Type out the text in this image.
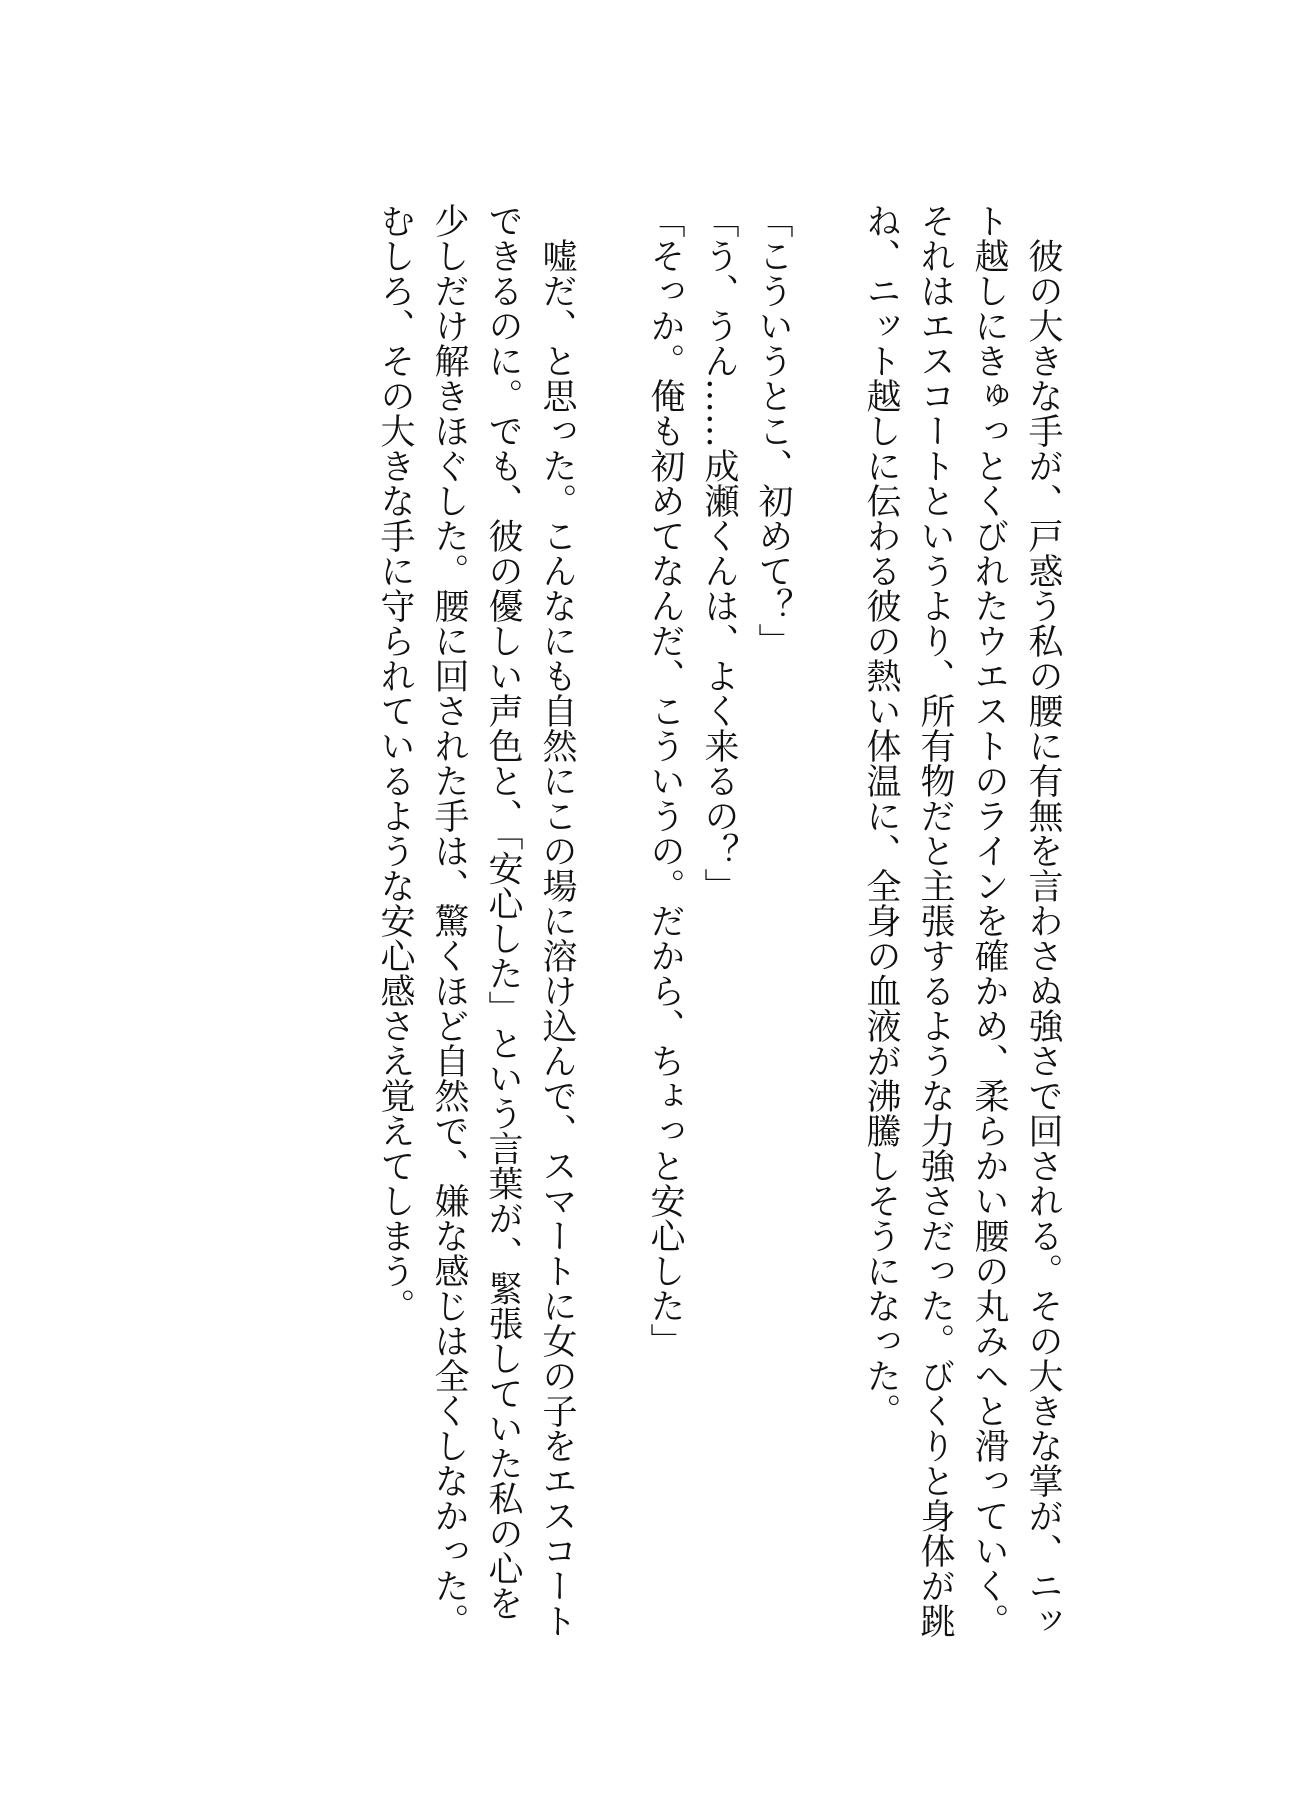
彼の大きな手が、戸惑う私の腰に有無を言わさぬ強さで回される。その大きな掌が、ニット越しにきゅっとくびれたウエストのラインを確かめ、柔らかい腰の丸みへと滑っていく。それはエスコートというより、所有物だと主張するような力強さだった。びくりと身体が跳ね、ニット越しに伝わる彼の熱い体温に、全身の血液が沸騰しそうになった。

「こういうとこ、初めて？」

「う、うん……成瀬くんは、よく来るの？」

「そっか。俺も初めてなんだ、こういうの。だから、ちょっと安心した」

嘘だ、と思った。こんなにも自然にこの場に溶け込んで、スマートに女の子をエスコートできるのに。でも、彼の優しい声色と、「安心した」という言葉が、緊張していた私の心を少しだけ解きほぐした。腰に回された手は、驚くほど自然で、嫌な感じは全くしなかった。むしろ、その大きな手に守られているような安心感さえ覚えてしまう。
